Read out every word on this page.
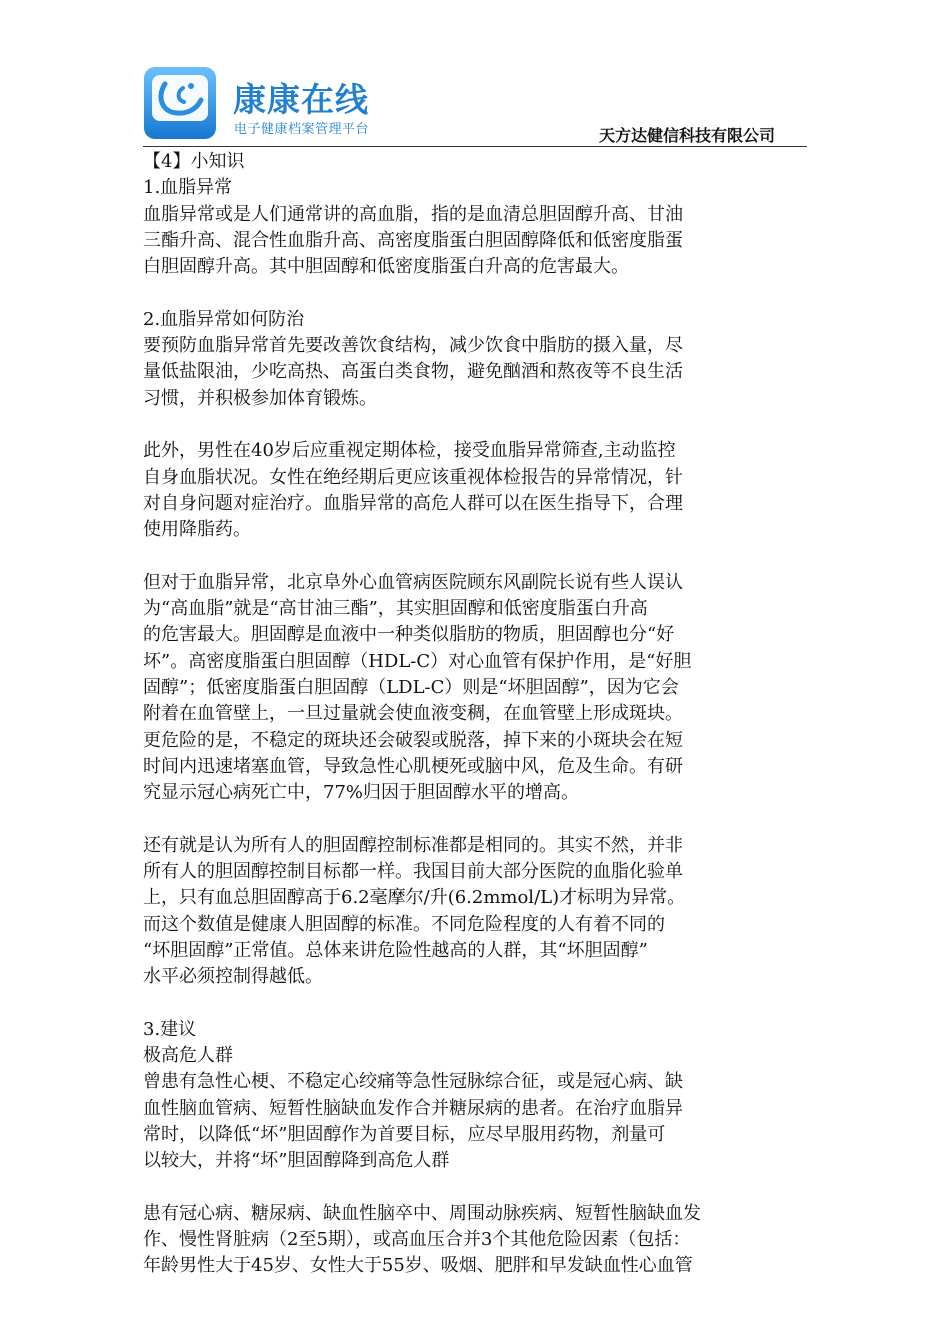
康康在线
电子健康档案管理平台	天方达健信科技有限公司
【4】小知识
1.血脂异常
血脂异常或是人们通常讲的高血脂，指的是血清总胆固醇升高、甘油
三酯升高、混合性血脂升高、高密度脂蛋白胆固醇降低和低密度脂蛋
白胆固醇升高。其中胆固醇和低密度脂蛋白升高的危害最大。
2.血脂异常如何防治
要预防血脂异常首先要改善饮食结构，减少饮食中脂肪的摄入量，尽
量低盐限油，少吃高热、高蛋白类食物，避免酗酒和熬夜等不良生活
习惯，并积极参加体育锻炼。
此外，男性在40岁后应重视定期体检，接受血脂异常筛查,主动监控
自身血脂状况。女性在绝经期后更应该重视体检报告的异常情况，针
对自身问题对症治疗。血脂异常的高危人群可以在医生指导下，合理
使用降脂药。
但对于血脂异常，北京阜外心血管病医院顾东风副院长说有些人误认
为“高血脂”就是“高甘油三酯”，其实胆固醇和低密度脂蛋白升高
的危害最大。胆固醇是血液中一种类似脂肪的物质，胆固醇也分“好
坏”。高密度脂蛋白胆固醇（HDL-C）对心血管有保护作用，是“好胆
固醇”；低密度脂蛋白胆固醇（LDL-C）则是“坏胆固醇”，因为它会
附着在血管壁上，一旦过量就会使血液变稠，在血管壁上形成斑块。
更危险的是，不稳定的斑块还会破裂或脱落，掉下来的小斑块会在短
时间内迅速堵塞血管，导致急性心肌梗死或脑中风，危及生命。有研
究显示冠心病死亡中，77%归因于胆固醇水平的增高。
还有就是认为所有人的胆固醇控制标准都是相同的。其实不然，并非
所有人的胆固醇控制目标都一样。我国目前大部分医院的血脂化验单
上，只有血总胆固醇高于6.2毫摩尔/升(6.2mmol/L)才标明为异常。
而这个数值是健康人胆固醇的标准。不同危险程度的人有着不同的
“坏胆固醇”正常值。总体来讲危险性越高的人群，其“坏胆固醇”
水平必须控制得越低。
3.建议
极高危人群
曾患有急性心梗、不稳定心绞痛等急性冠脉综合征，或是冠心病、缺
血性脑血管病、短暂性脑缺血发作合并糖尿病的患者。在治疗血脂异
常时，以降低“坏”胆固醇作为首要目标，应尽早服用药物，剂量可
以较大，并将“坏”胆固醇降到高危人群
患有冠心病、糖尿病、缺血性脑卒中、周围动脉疾病、短暂性脑缺血发
作、慢性肾脏病（2至5期），或高血压合并3个其他危险因素（包括：
年龄男性大于45岁、女性大于55岁、吸烟、肥胖和早发缺血性心血管
